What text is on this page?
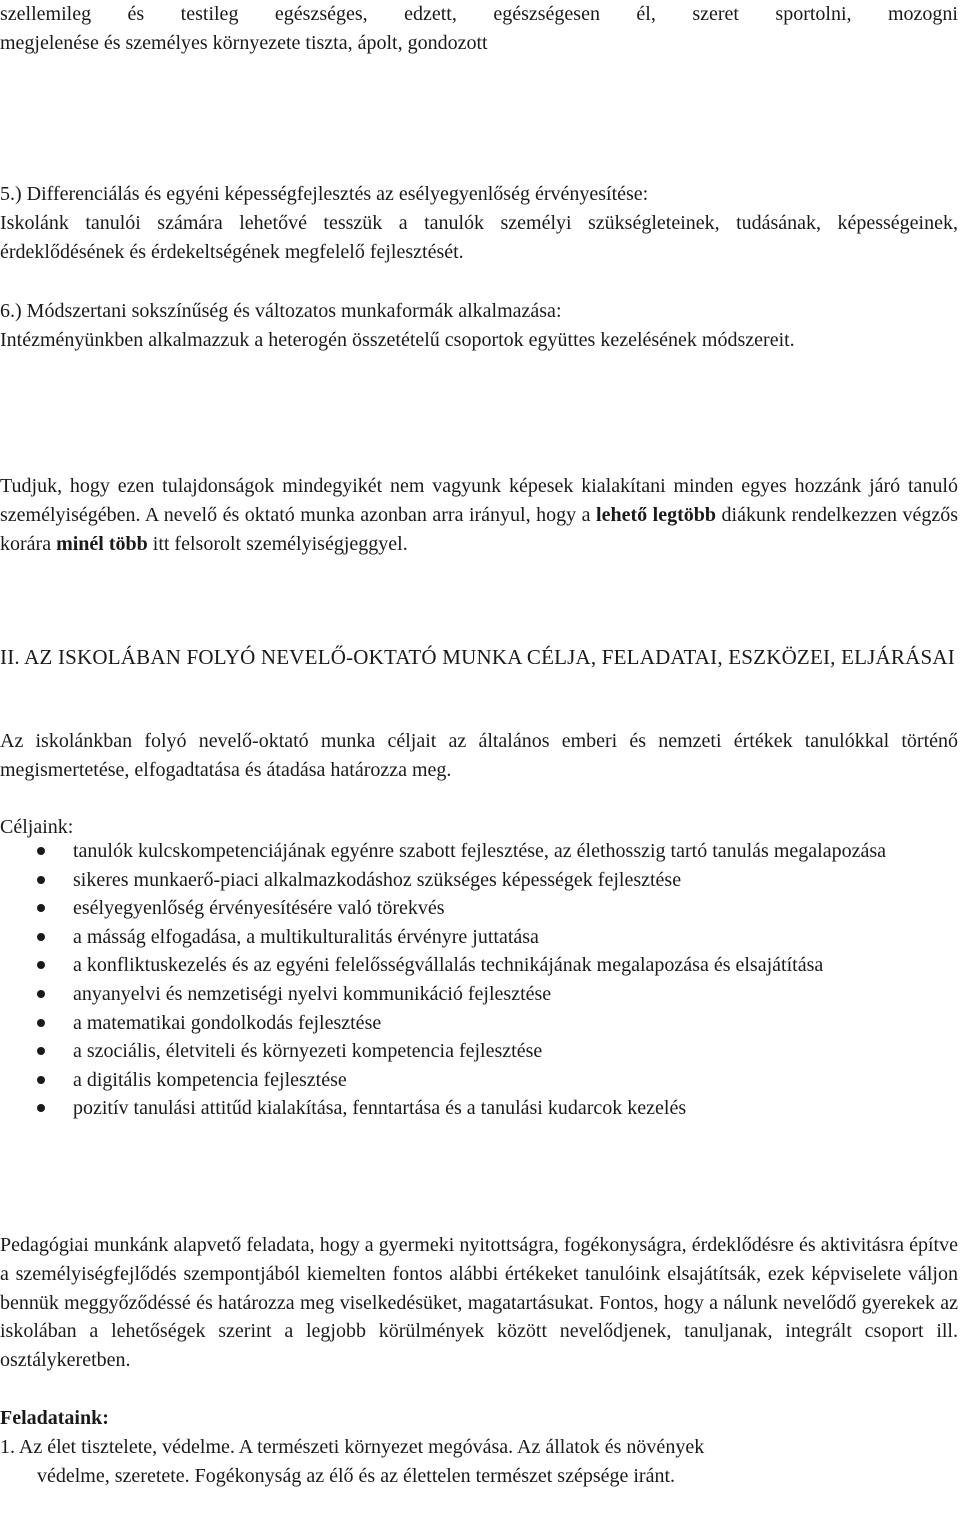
szellemileg és testileg egészséges, edzett, egészségesen él, szeret sportolni, mozogni
megjelenése és személyes környezete tiszta, ápolt, gondozott

5.) Differenciálás és egyéni képességfejlesztés az esélyegyenlőség érvényesítése:
Iskolánk tanulói számára lehetővé tesszük a tanulók személyi szükségleteinek, tudásának, képességeinek, érdeklődésének és érdekeltségének megfelelő fejlesztését.
6.) Módszertani sokszínűség és változatos munkaformák alkalmazása:
Intézményünkben alkalmazzuk a heterogén összetételű csoportok együttes kezelésének módszereit.

Tudjuk, hogy ezen tulajdonságok mindegyikét nem vagyunk képesek kialakítani minden egyes hozzánk járó tanuló személyiségében. A nevelő és oktató munka azonban arra irányul, hogy a lehető legtöbb diákunk rendelkezzen végzős korára minél több itt felsorolt személyiségjeggyel.

II. AZ ISKOLÁBAN FOLYÓ NEVELŐ-OKTATÓ MUNKA CÉLJA, FELADATAI, ESZKÖZEI, ELJÁRÁSAI

Az iskolánkban folyó nevelő-oktató munka céljait az általános emberi és nemzeti értékek tanulókkal történő megismertetése, elfogadtatása és átadása határozza meg.

Céljaink:
tanulók kulcskompetenciájának egyénre szabott fejlesztése, az élethosszig tartó tanulás megalapozása
sikeres munkaerő-piaci alkalmazkodáshoz szükséges képességek fejlesztése
esélyegyenlőség érvényesítésére való törekvés
a másság elfogadása, a multikulturalitás érvényre juttatása
a konfliktuskezelés és az egyéni felelősségvállalás technikájának megalapozása és elsajátítása
anyanyelvi és nemzetiségi nyelvi kommunikáció fejlesztése
a matematikai gondolkodás fejlesztése
a szociális, életviteli és környezeti kompetencia fejlesztése
a digitális kompetencia fejlesztése
pozitív tanulási attitűd kialakítása, fenntartása és a tanulási kudarcok kezelés

Pedagógiai munkánk alapvető feladata, hogy a gyermeki nyitottságra, fogékonyságra, érdeklődésre és aktivitásra építve a személyiségfejlődés szempontjából kiemelten fontos alábbi értékeket tanulóink elsajátítsák, ezek képviselete váljon bennük meggyőződéssé és határozza meg viselkedésüket, magatartásukat. Fontos, hogy a nálunk nevelődő gyerekek az iskolában a lehetőségek szerint a legjobb körülmények között nevelődjenek, tanuljanak, integrált csoport ill. osztálykeretben.

Feladataink:
1. Az élet tisztelete, védelme. A természeti környezet megóvása. Az állatok és növények
védelme, szeretete. Fogékonyság az élő és az élettelen természet szépsége iránt.
